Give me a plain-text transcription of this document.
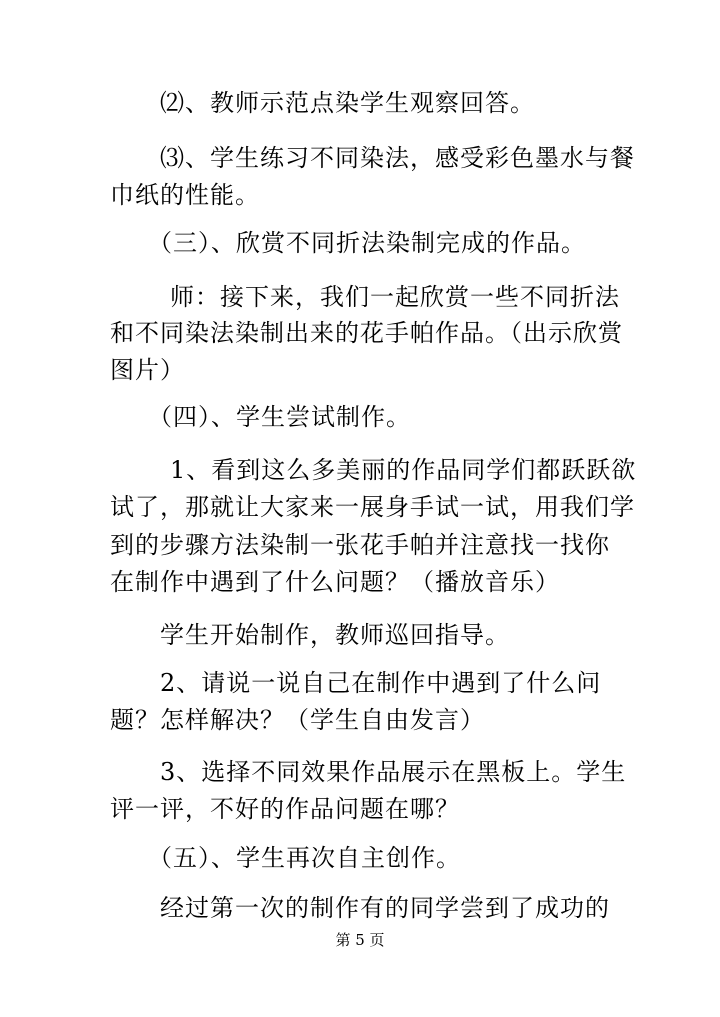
⑵、教师示范点染学生观察回答。
⑶、学生练习不同染法，感受彩色墨水与餐
巾纸的性能。
（三）、欣赏不同折法染制完成的作品。
师：接下来，我们一起欣赏一些不同折法
和不同染法染制出来的花手帕作品。（出示欣赏
图片）
（四）、学生尝试制作。
1、看到这么多美丽的作品同学们都跃跃欲
试了，那就让大家来一展身手试一试，用我们学
到的步骤方法染制一张花手帕并注意找一找你
在制作中遇到了什么问题？（播放音乐）
学生开始制作，教师巡回指导。
2、请说一说自己在制作中遇到了什么问
题？怎样解决？（学生自由发言）
3、选择不同效果作品展示在黑板上。学生
评一评，不好的作品问题在哪？
（五）、学生再次自主创作。
经过第一次的制作有的同学尝到了成功的
第 5 页
